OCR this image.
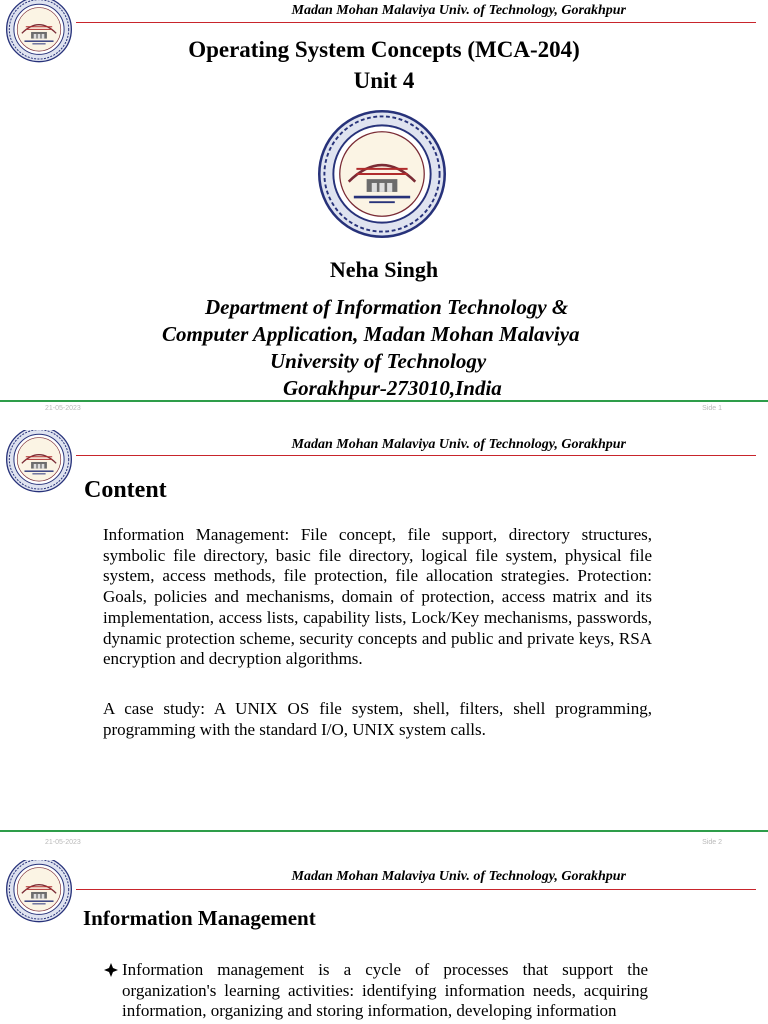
Madan Mohan Malaviya Univ. of Technology, Gorakhpur
Operating System Concepts (MCA-204)
Unit 4
Neha Singh
Department of Information Technology &
Computer Application, Madan Mohan Malaviya
University of Technology
Gorakhpur-273010,India
21-05-2023	Side 1
Madan Mohan Malaviya Univ. of Technology, Gorakhpur
Content

Information Management: File concept, file support, directory structures, symbolic file directory, basic file directory, logical file system, physical file system, access methods, file protection, file allocation strategies. Protection: Goals, policies and mechanisms, domain of protection, access matrix and its implementation, access lists, capability lists, Lock/Key mechanisms, passwords, dynamic protection scheme, security concepts and public and private keys, RSA encryption and decryption algorithms.

A case study: A UNIX OS file system, shell, filters, shell programming, programming with the standard I/O, UNIX system calls.

21-05-2023	Side 2
Madan Mohan Malaviya Univ. of Technology, Gorakhpur
Information Management

Information management is a cycle of processes that support the organization's learning activities: identifying information needs, acquiring information, organizing and storing information, developing information
